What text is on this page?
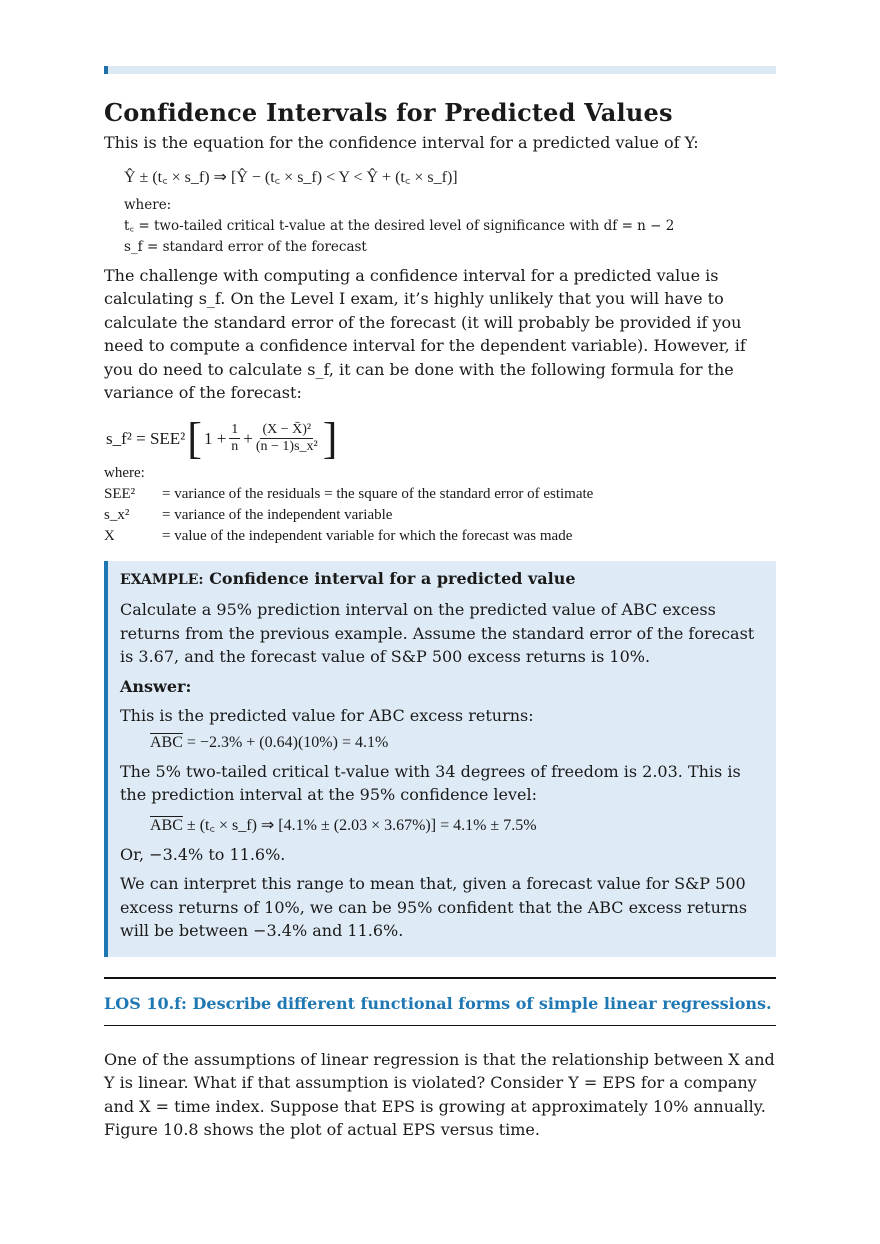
Confidence Intervals for Predicted Values

This is the equation for the confidence interval for a predicted value of Y:

Ŷ ± (t꜀ × s_f) ⇒ [Ŷ − (t꜀ × s_f) < Y < Ŷ + (t꜀ × s_f)]
where:
t꜀ = two-tailed critical t-value at the desired level of significance with df = n − 2
s_f = standard error of the forecast

The challenge with computing a confidence interval for a predicted value is calculating s_f. On the Level I exam, it’s highly unlikely that you will have to calculate the standard error of the forecast (it will probably be provided if you need to compute a confidence interval for the dependent variable). However, if you do need to calculate s_f, it can be done with the following formula for the variance of the forecast:

s_f² = SEE² [ $1 + \frac{1}{n} + \frac{\text{(X − X̄)²}}{\text{(n − 1)s\_x²}}$ ]
where:
SEE²	= variance of the residuals = the square of the standard error of estimate
s_x²	= variance of the independent variable
X	= value of the independent variable for which the forecast was made

EXAMPLE: Confidence interval for a predicted value

Calculate a 95% prediction interval on the predicted value of ABC excess returns from the previous example. Assume the standard error of the forecast is 3.67, and the forecast value of S&P 500 excess returns is 10%.

Answer:

This is the predicted value for ABC excess returns:

$\overline{ABC} = -2.3\% + (0.64)(10\%) = 4.1\%$

The 5% two-tailed critical t-value with 34 degrees of freedom is 2.03. This is the prediction interval at the 95% confidence level:

$\overline{ABC}$ ± (t꜀ × s_f) ⇒ [4.1% ± (2.03 × 3.67%)] = 4.1% ± 7.5%

Or, −3.4% to 11.6%.

We can interpret this range to mean that, given a forecast value for S&P 500 excess returns of 10%, we can be 95% confident that the ABC excess returns will be between −3.4% and 11.6%.

LOS 10.f: Describe different functional forms of simple linear regressions.

One of the assumptions of linear regression is that the relationship between X and Y is linear. What if that assumption is violated? Consider Y = EPS for a company and X = time index. Suppose that EPS is growing at approximately 10% annually. Figure 10.8 shows the plot of actual EPS versus time.
